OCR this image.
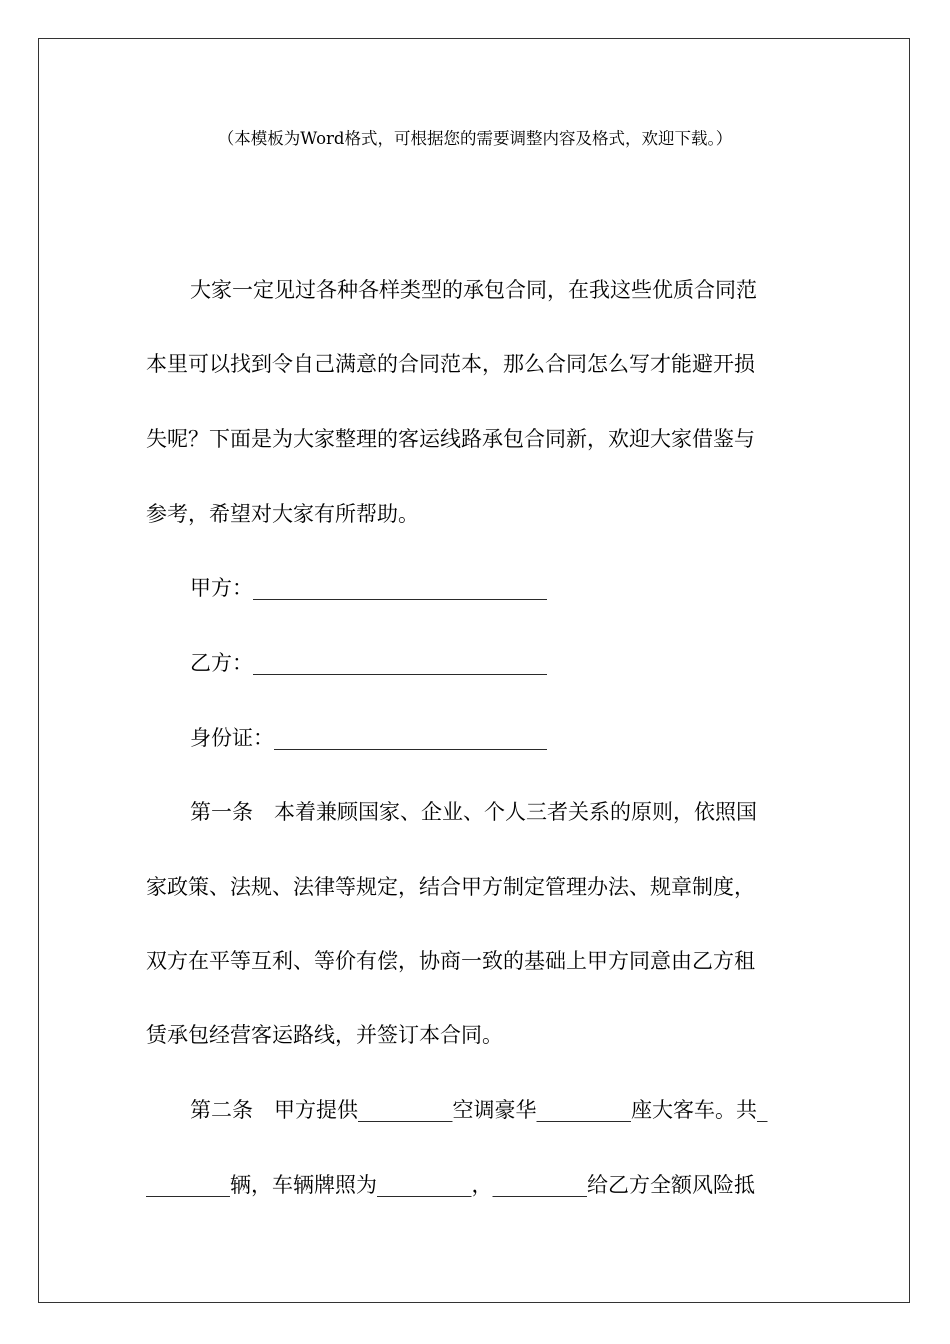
（本模板为Word格式，可根据您的需要调整内容及格式，欢迎下载。）
大家一定见过各种各样类型的承包合同，在我这些优质合同范
本里可以找到令自己满意的合同范本，那么合同怎么写才能避开损
失呢？下面是为大家整理的客运线路承包合同新，欢迎大家借鉴与
参考，希望对大家有所帮助。
甲方：____________________________
乙方：____________________________
身份证：__________________________
第一条　本着兼顾国家、企业、个人三者关系的原则，依照国
家政策、法规、法律等规定，结合甲方制定管理办法、规章制度，
双方在平等互利、等价有偿，协商一致的基础上甲方同意由乙方租
赁承包经营客运路线，并签订本合同。
第二条　甲方提供_________空调豪华_________座大客车。共_
________辆，车辆牌照为_________，_________给乙方全额风险抵
